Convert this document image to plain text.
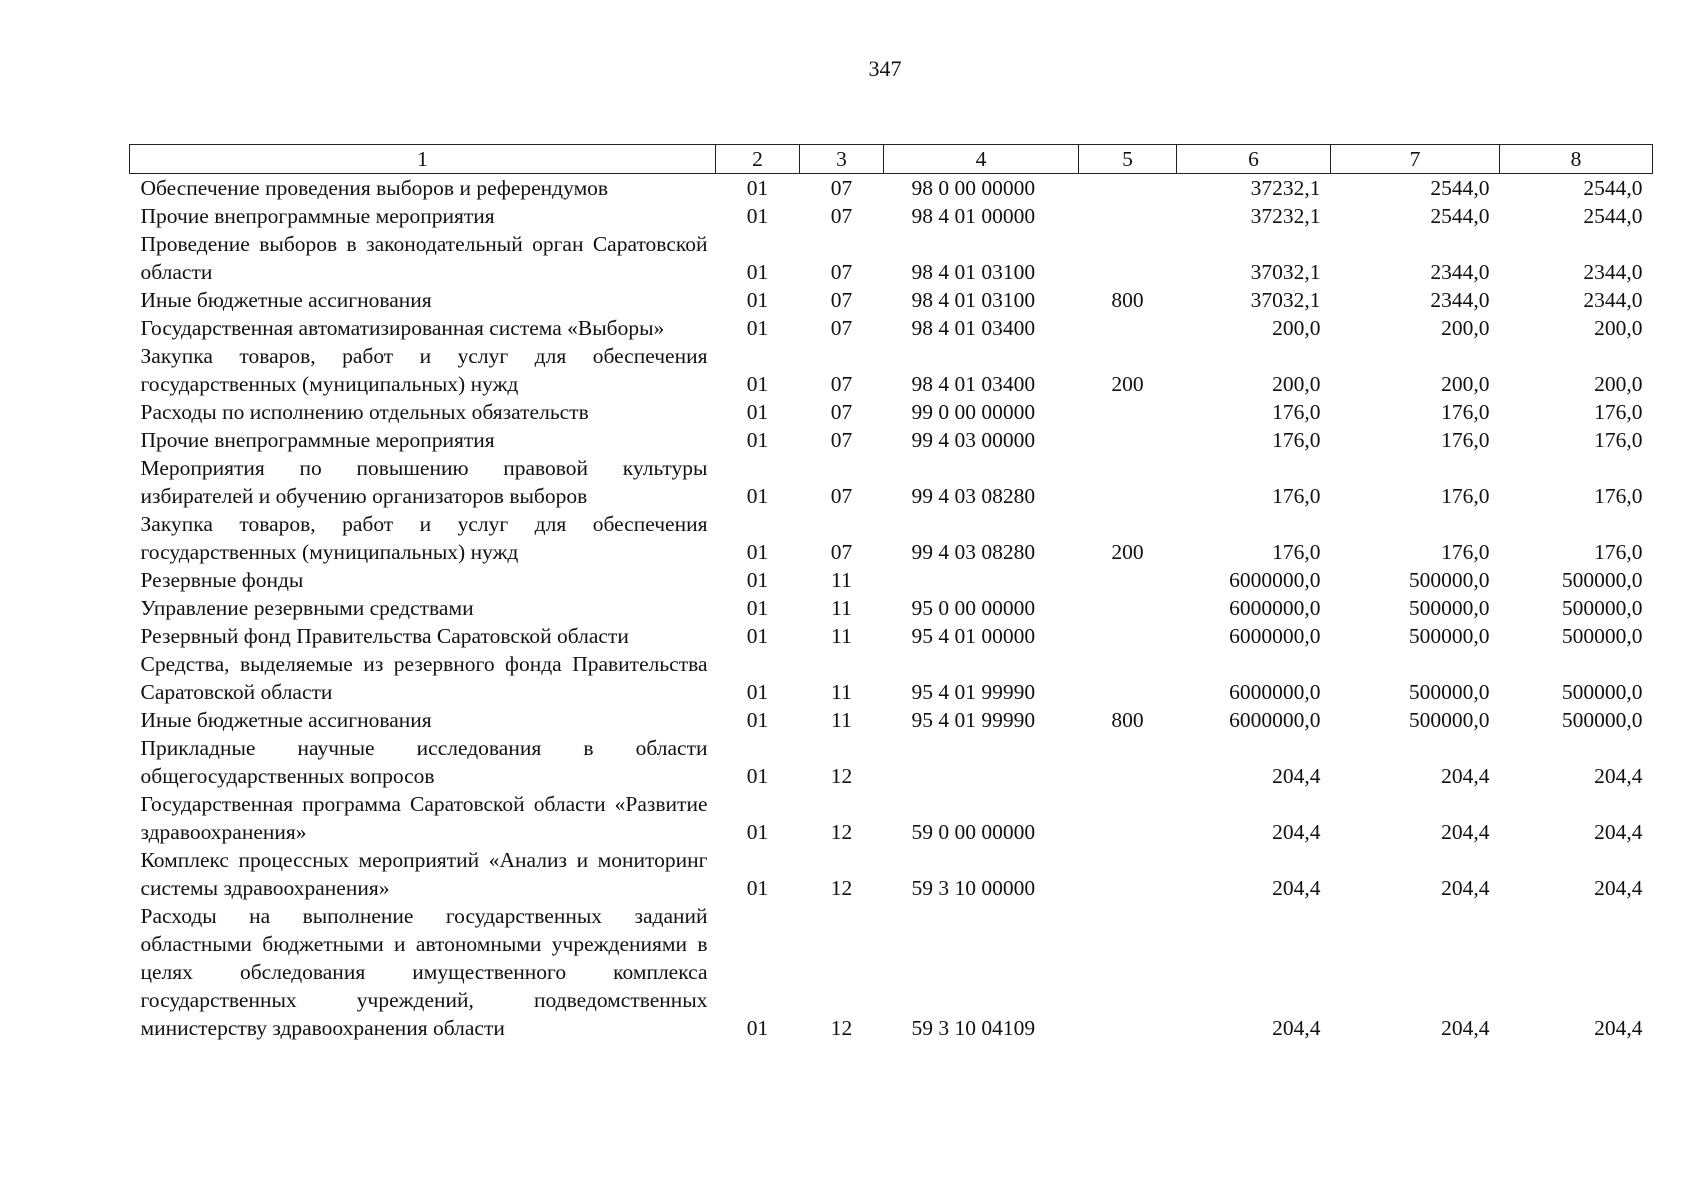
347
1	2	3	4	5	6	7	8
Обеспечение проведения выборов и референдумов	01	07	98 0 00 00000		37232,1	2544,0	2544,0
Прочие внепрограммные мероприятия	01	07	98 4 01 00000		37232,1	2544,0	2544,0
Проведение выборов в законодательный орган Саратовской области	01	07	98 4 01 03100		37032,1	2344,0	2344,0
Иные бюджетные ассигнования	01	07	98 4 01 03100	800	37032,1	2344,0	2344,0
Государственная автоматизированная система «Выборы»	01	07	98 4 01 03400		200,0	200,0	200,0
Закупка товаров, работ и услуг для обеспечения государственных (муниципальных) нужд	01	07	98 4 01 03400	200	200,0	200,0	200,0
Расходы по исполнению отдельных обязательств	01	07	99 0 00 00000		176,0	176,0	176,0
Прочие внепрограммные мероприятия	01	07	99 4 03 00000		176,0	176,0	176,0
Мероприятия по повышению правовой культуры избирателей и обучению организаторов выборов	01	07	99 4 03 08280		176,0	176,0	176,0
Закупка товаров, работ и услуг для обеспечения государственных (муниципальных) нужд	01	07	99 4 03 08280	200	176,0	176,0	176,0
Резервные фонды	01	11			6000000,0	500000,0	500000,0
Управление резервными средствами	01	11	95 0 00 00000		6000000,0	500000,0	500000,0
Резервный фонд Правительства Саратовской области	01	11	95 4 01 00000		6000000,0	500000,0	500000,0
Средства, выделяемые из резервного фонда Правительства Саратовской области	01	11	95 4 01 99990		6000000,0	500000,0	500000,0
Иные бюджетные ассигнования	01	11	95 4 01 99990	800	6000000,0	500000,0	500000,0
Прикладные научные исследования в области общегосударственных вопросов	01	12			204,4	204,4	204,4
Государственная программа Саратовской области «Развитие здравоохранения»	01	12	59 0 00 00000		204,4	204,4	204,4
Комплекс процессных мероприятий «Анализ и мониторинг системы здравоохранения»	01	12	59 3 10 00000		204,4	204,4	204,4
Расходы на выполнение государственных заданий областными бюджетными и автономными учреждениями в целях обследования имущественного комплекса государственных учреждений, подведомственных министерству здравоохранения области	01	12	59 3 10 04109		204,4	204,4	204,4
